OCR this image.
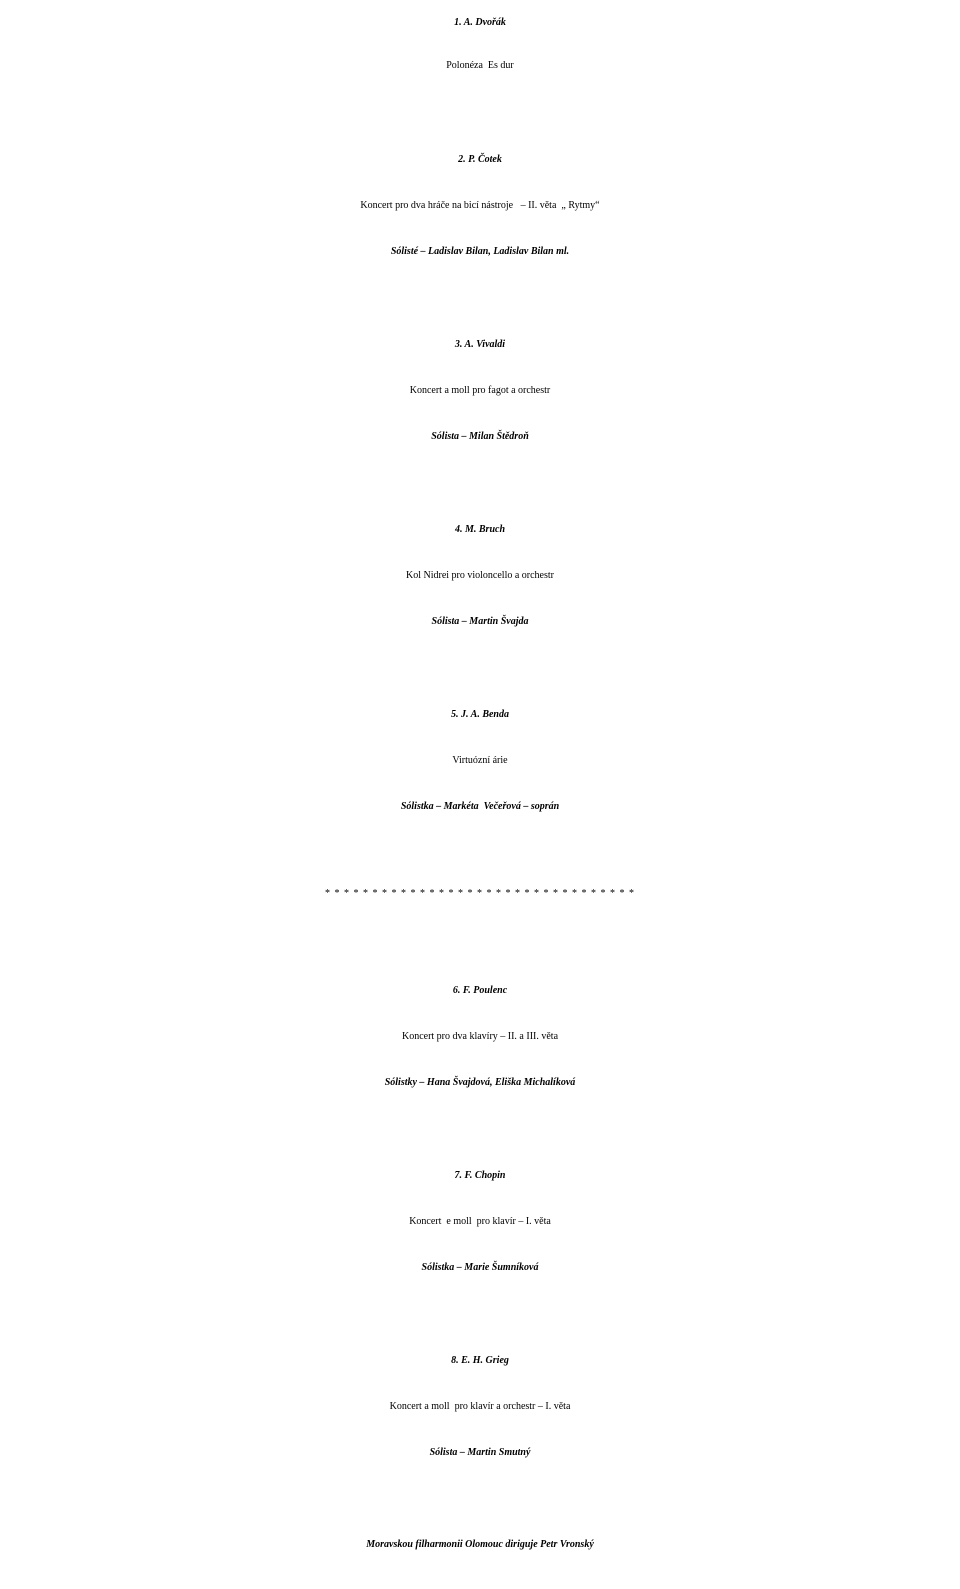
1. A. Dvořák
Polonéza  Es dur
2. P. Čotek
Koncert pro dva hráče na bicí nástroje   – II. věta  „ Rytmy“
Sólisté – Ladislav Bilan, Ladislav Bilan ml.
3. A. Vivaldi
Koncert a moll pro fagot a orchestr
Sólista – Milan Štědroň
4. M. Bruch
Kol Nidrei pro violoncello a orchestr
Sólista – Martin Švajda
5. J. A. Benda
Virtuózní árie
Sólistka – Markéta  Večeřová – soprán
* * * * * * * * * * * * * * * * * * * * * * * * * * * * * * * * *
6. F. Poulenc
Koncert pro dva klavíry – II. a III. věta
Sólistky – Hana Švajdová, Eliška Michalíková
7. F. Chopin
Koncert  e moll  pro klavír – I. věta
Sólistka – Marie Šumníková
8. E. H. Grieg
Koncert a moll  pro klavír a orchestr – I. věta
Sólista – Martin Smutný
Moravskou filharmonii Olomouc diriguje Petr Vronský
